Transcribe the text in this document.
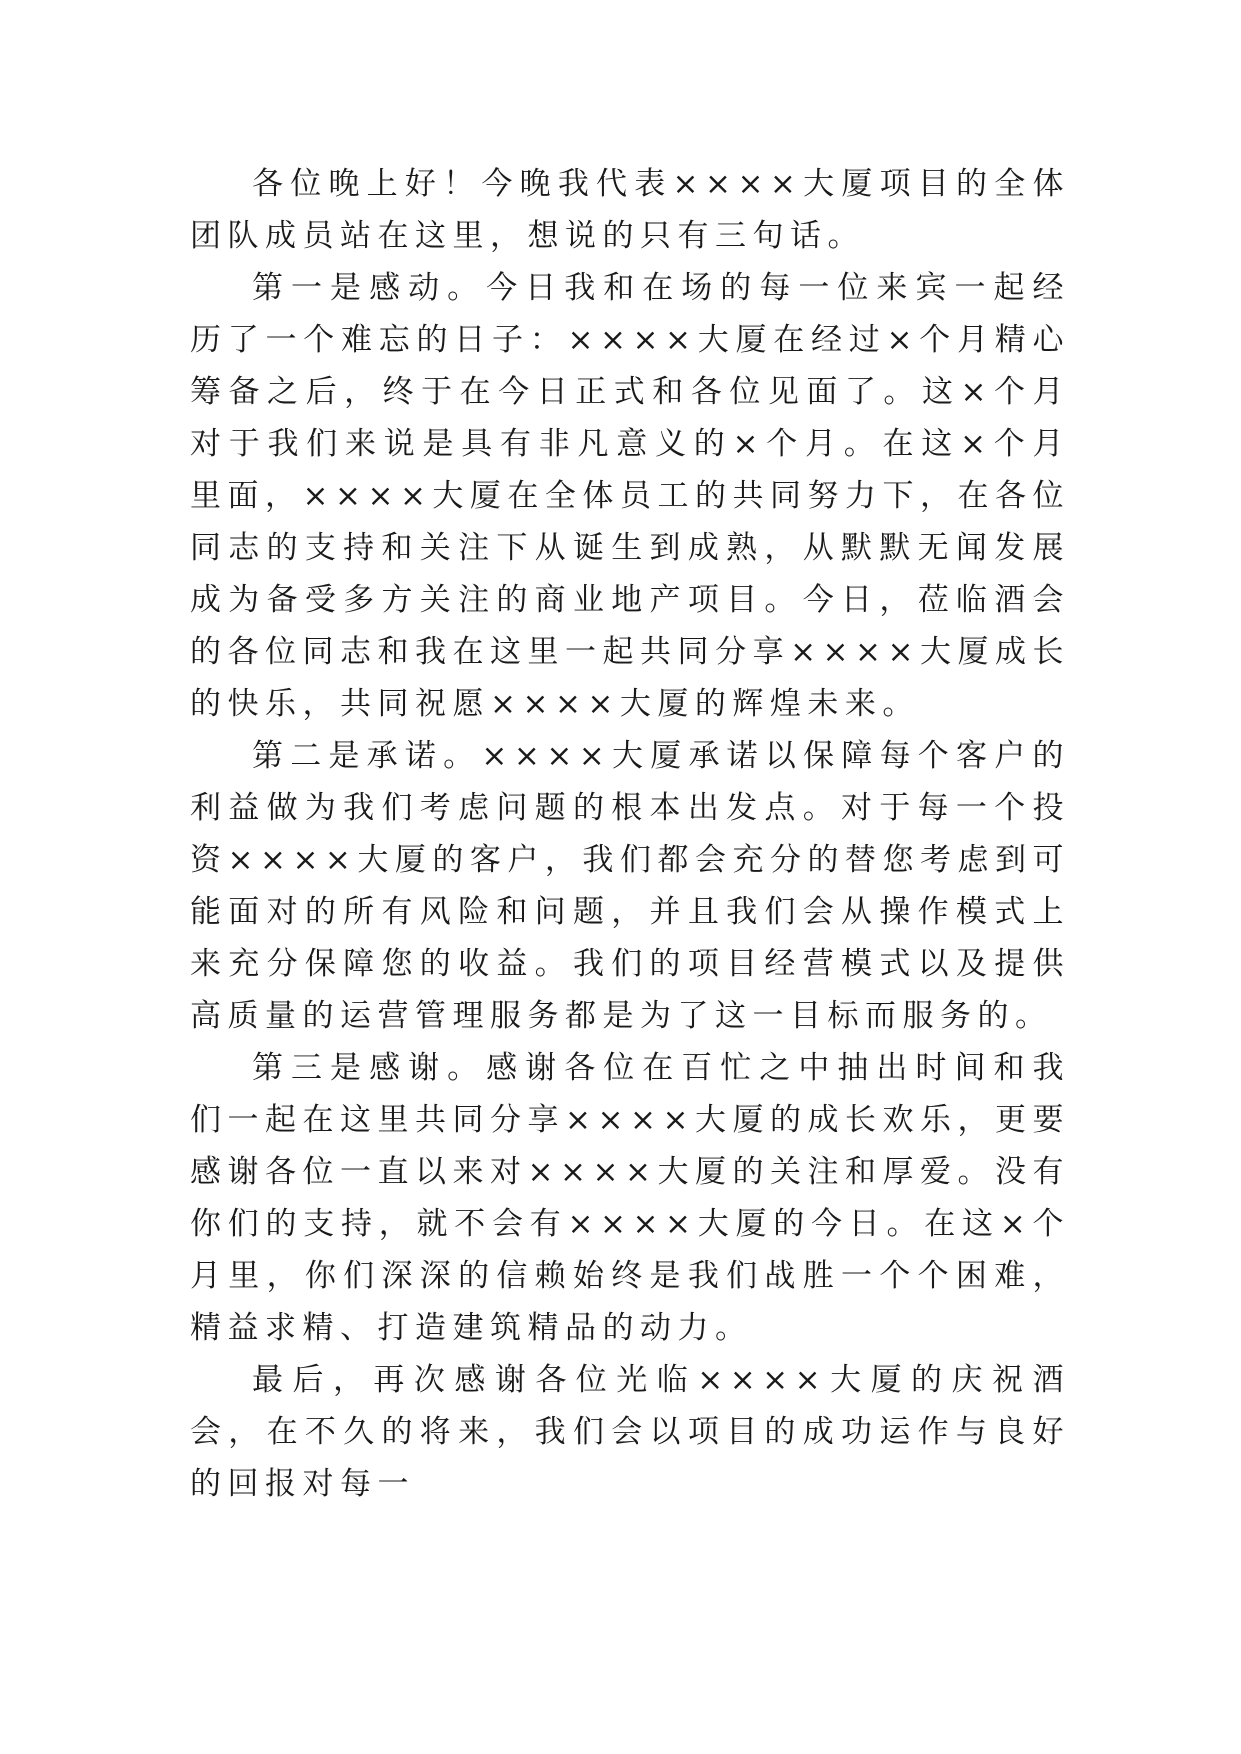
各位晚上好！今晚我代表××××大厦项目的全体团队成员站在这里，想说的只有三句话。

第一是感动。今日我和在场的每一位来宾一起经历了一个难忘的日子：××××大厦在经过×个月精心筹备之后，终于在今日正式和各位见面了。这×个月对于我们来说是具有非凡意义的×个月。在这×个月里面，××××大厦在全体员工的共同努力下，在各位同志的支持和关注下从诞生到成熟，从默默无闻发展成为备受多方关注的商业地产项目。今日，莅临酒会的各位同志和我在这里一起共同分享××××大厦成长的快乐，共同祝愿××××大厦的辉煌未来。

第二是承诺。××××大厦承诺以保障每个客户的利益做为我们考虑问题的根本出发点。对于每一个投资××××大厦的客户，我们都会充分的替您考虑到可能面对的所有风险和问题，并且我们会从操作模式上来充分保障您的收益。我们的项目经营模式以及提供高质量的运营管理服务都是为了这一目标而服务的。

第三是感谢。感谢各位在百忙之中抽出时间和我们一起在这里共同分享××××大厦的成长欢乐，更要感谢各位一直以来对××××大厦的关注和厚爱。没有你们的支持，就不会有××××大厦的今日。在这×个月里，你们深深的信赖始终是我们战胜一个个困难，精益求精、打造建筑精品的动力。

最后，再次感谢各位光临××××大厦的庆祝酒会，在不久的将来，我们会以项目的成功运作与良好的回报对每一
